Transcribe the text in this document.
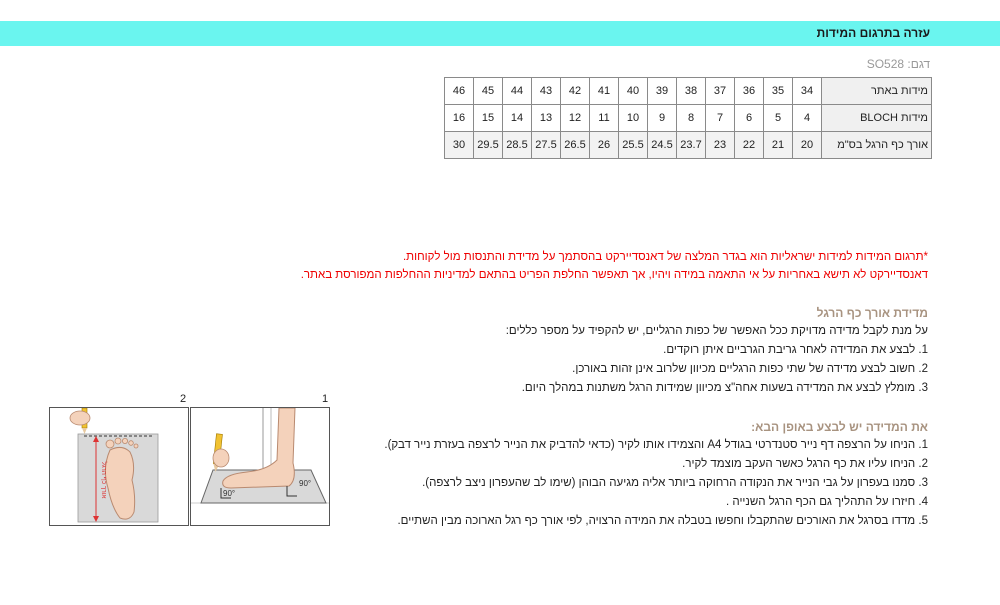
עזרה בתרגום המידות
דגם: SO528
46	45	44	43	42	41	40	39	38	37	36	35	34	מידות באתר
16	15	14	13	12	11	10	9	8	7	6	5	4	מידות BLOCH
30	29.5	28.5	27.5	26.5	26	25.5	24.5	23.7	23	22	21	20	אורך כף הרגל בס"מ
*תרגום המידות למידות ישראליות הוא בגדר המלצה של דאנסדיירקט בהסתמך על מדידת והתנסות מול לקוחות.
דאנסדיירקט לא תישא באחריות על אי התאמה במידה ויהיו, אך תאפשר החלפת הפריט בהתאם למדיניות ההחלפות המפורסת באתר.
מדידת אורך כף הרגל
על מנת לקבל מדידה מדויקת ככל האפשר של כפות הרגליים, יש להקפיד על מספר כללים:
1. לבצע את המדידה לאחר גריבת הגרביים איתן רוקדים.
2. חשוב לבצע מדידה של שתי כפות הרגליים מכיוון שלרוב אינן זהות באורכן.
3. מומלץ לבצע את המדידה בשעות אחה"צ מכיוון שמידות הרגל משתנות במהלך היום.
את המדידה יש לבצע באופן הבא:
1. הניחו על הרצפה דף נייר סטנדרטי בגודל A4 והצמידו אותו לקיר (כדאי להדביק את הנייר לרצפה בעזרת נייר דבק).
2. הניחו עליו את כף הרגל כאשר העקב מוצמד לקיר.
3. סמנו בעפרון על גבי הנייר את הנקודה הרחוקה ביותר אליה מגיעה הבוהן (שימו לב שהעפרון ניצב לרצפה).
4. חיזרו על התהליך גם הכף הרגל השנייה .
5. מדדו בסרגל את האורכים שהתקבלו וחפשו בטבלה את המידה הרצויה, לפי אורך כף רגל הארוכה מבין השתיים.
1
2
90°
90°
אורך כף הרגל
